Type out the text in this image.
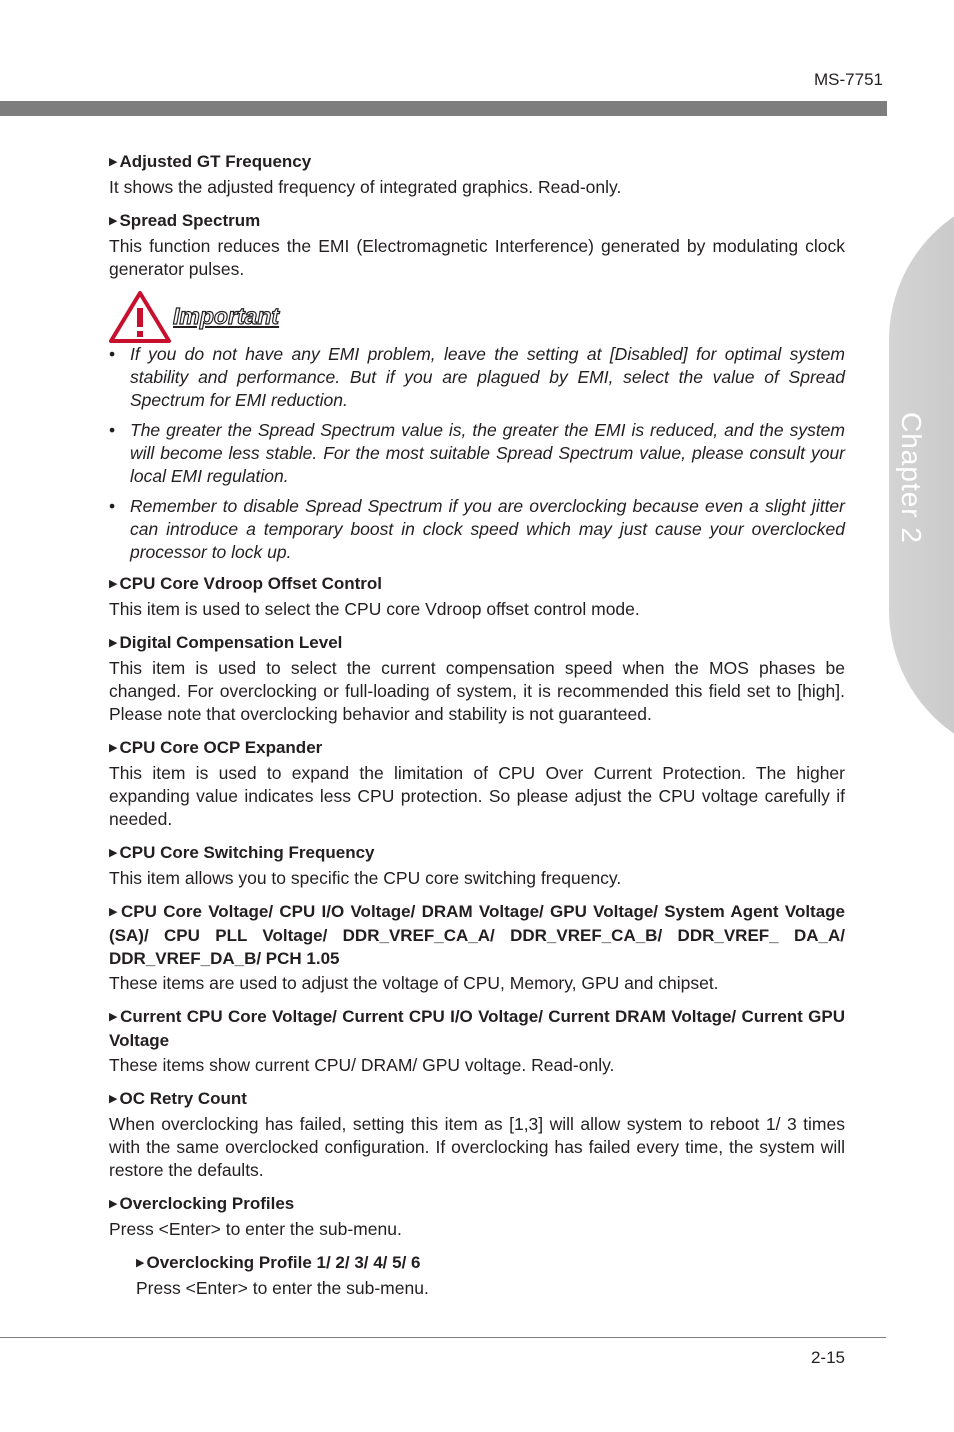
MS-7751
Chapter 2

▶ Adjusted GT Frequency

It shows the adjusted frequency of integrated graphics. Read-only.

▶ Spread Spectrum

This function reduces the EMI (Electromagnetic Interference) generated by modulating clock generator pulses.

Important
• If you do not have any EMI problem, leave the setting at [Disabled] for optimal system stability and performance. But if you are plagued by EMI, select the value of Spread Spectrum for EMI reduction.
• The greater the Spread Spectrum value is, the greater the EMI is reduced, and the system will become less stable. For the most suitable Spread Spectrum value, please consult your local EMI regulation.
• Remember to disable Spread Spectrum if you are overclocking because even a slight jitter can introduce a temporary boost in clock speed which may just cause your overclocked processor to lock up.

▶ CPU Core Vdroop Offset Control

This item is used to select the CPU core Vdroop offset control mode.

▶ Digital Compensation Level

This item is used to select the current compensation speed when the MOS phases be changed. For overclocking or full-loading of system, it is recommended this field set to [high]. Please note that overclocking behavior and stability is not guaranteed.

▶ CPU Core OCP Expander

This item is used to expand the limitation of CPU Over Current Protection. The higher expanding value indicates less CPU protection. So please adjust the CPU voltage carefully if needed.

▶ CPU Core Switching Frequency

This item allows you to specific the CPU core switching frequency.

▶ CPU Core Voltage/ CPU I/O Voltage/ DRAM Voltage/ GPU Voltage/ System Agent Voltage (SA)/ CPU PLL Voltage/ DDR_VREF_CA_A/ DDR_VREF_CA_B/ DDR_VREF_ DA_A/ DDR_VREF_DA_B/ PCH 1.05

These items are used to adjust the voltage of CPU, Memory, GPU and chipset.

▶ Current CPU Core Voltage/ Current CPU I/O Voltage/ Current DRAM Voltage/ Current GPU Voltage

These items show current CPU/ DRAM/ GPU voltage. Read-only.

▶ OC Retry Count

When overclocking has failed, setting this item as [1,3] will allow system to reboot 1/ 3 times with the same overclocked configuration. If overclocking has failed every time, the system will restore the defaults.

▶ Overclocking Profiles

Press <Enter> to enter the sub-menu.

▶ Overclocking Profile 1/ 2/ 3/ 4/ 5/ 6

Press <Enter> to enter the sub-menu.

2-15
